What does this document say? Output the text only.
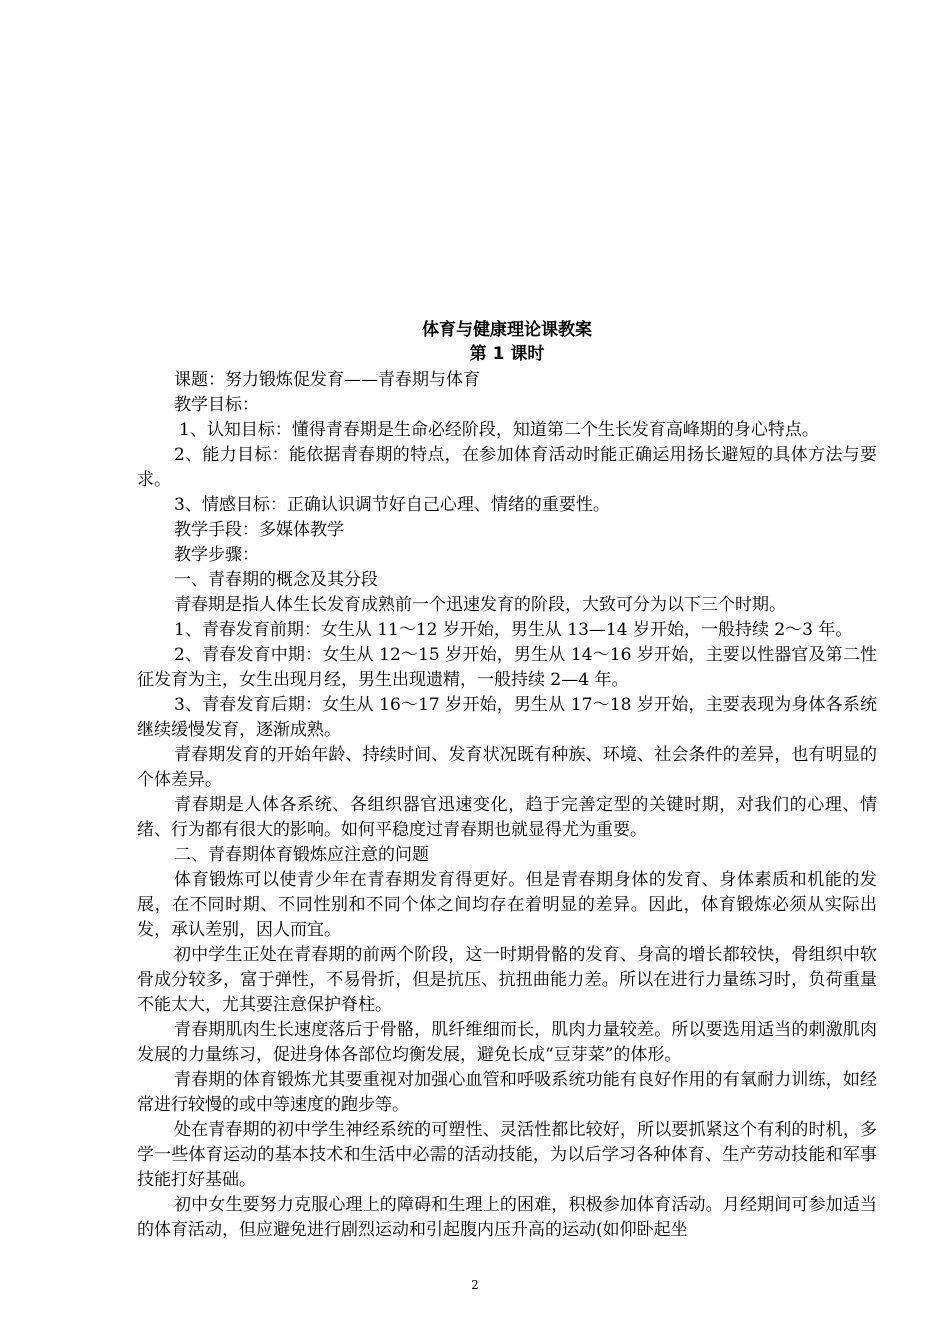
体育与健康理论课教案
第 1 课时

课题：努力锻炼促发育——青春期与体育

教学目标：

1、认知目标：懂得青春期是生命必经阶段，知道第二个生长发育高峰期的身心特点。

2、能力目标：能依据青春期的特点，在参加体育活动时能正确运用扬长避短的具体方法与要求。

3、情感目标：正确认识调节好自己心理、情绪的重要性。

教学手段：多媒体教学

教学步骤：

一、青春期的概念及其分段

青春期是指人体生长发育成熟前一个迅速发育的阶段，大致可分为以下三个时期。

1、青春发育前期：女生从 11～12 岁开始，男生从 13—14 岁开始，一般持续 2～3 年。

2、青春发育中期：女生从 12～15 岁开始，男生从 14～16 岁开始，主要以性器官及第二性征发育为主，女生出现月经，男生出现遗精，一般持续 2—4 年。

3、青春发育后期：女生从 16～17 岁开始，男生从 17～18 岁开始，主要表现为身体各系统继续缓慢发育，逐渐成熟。

青春期发育的开始年龄、持续时间、发育状况既有种族、环境、社会条件的差异，也有明显的个体差异。

青春期是人体各系统、各组织器官迅速变化，趋于完善定型的关键时期，对我们的心理、情绪、行为都有很大的影响。如何平稳度过青春期也就显得尤为重要。

二、青春期体育锻炼应注意的问题

体育锻炼可以使青少年在青春期发育得更好。但是青春期身体的发育、身体素质和机能的发展，在不同时期、不同性别和不同个体之间均存在着明显的差异。因此，体育锻炼必须从实际出发，承认差别，因人而宜。

初中学生正处在青春期的前两个阶段，这一时期骨骼的发育、身高的增长都较快，骨组织中软骨成分较多，富于弹性，不易骨折，但是抗压、抗扭曲能力差。所以在进行力量练习时，负荷重量不能太大，尤其要注意保护脊柱。

青春期肌肉生长速度落后于骨骼，肌纤维细而长，肌肉力量较差。所以要选用适当的刺激肌肉发展的力量练习，促进身体各部位均衡发展，避免长成“豆芽菜”的体形。

青春期的体育锻炼尤其要重视对加强心血管和呼吸系统功能有良好作用的有氧耐力训练，如经常进行较慢的或中等速度的跑步等。

处在青春期的初中学生神经系统的可塑性、灵活性都比较好，所以要抓紧这个有利的时机，多学一些体育运动的基本技术和生活中必需的活动技能，为以后学习各种体育、生产劳动技能和军事技能打好基础。

初中女生要努力克服心理上的障碍和生理上的困难，积极参加体育活动。月经期间可参加适当的体育活动，但应避免进行剧烈运动和引起腹内压升高的运动(如仰卧起坐

2
